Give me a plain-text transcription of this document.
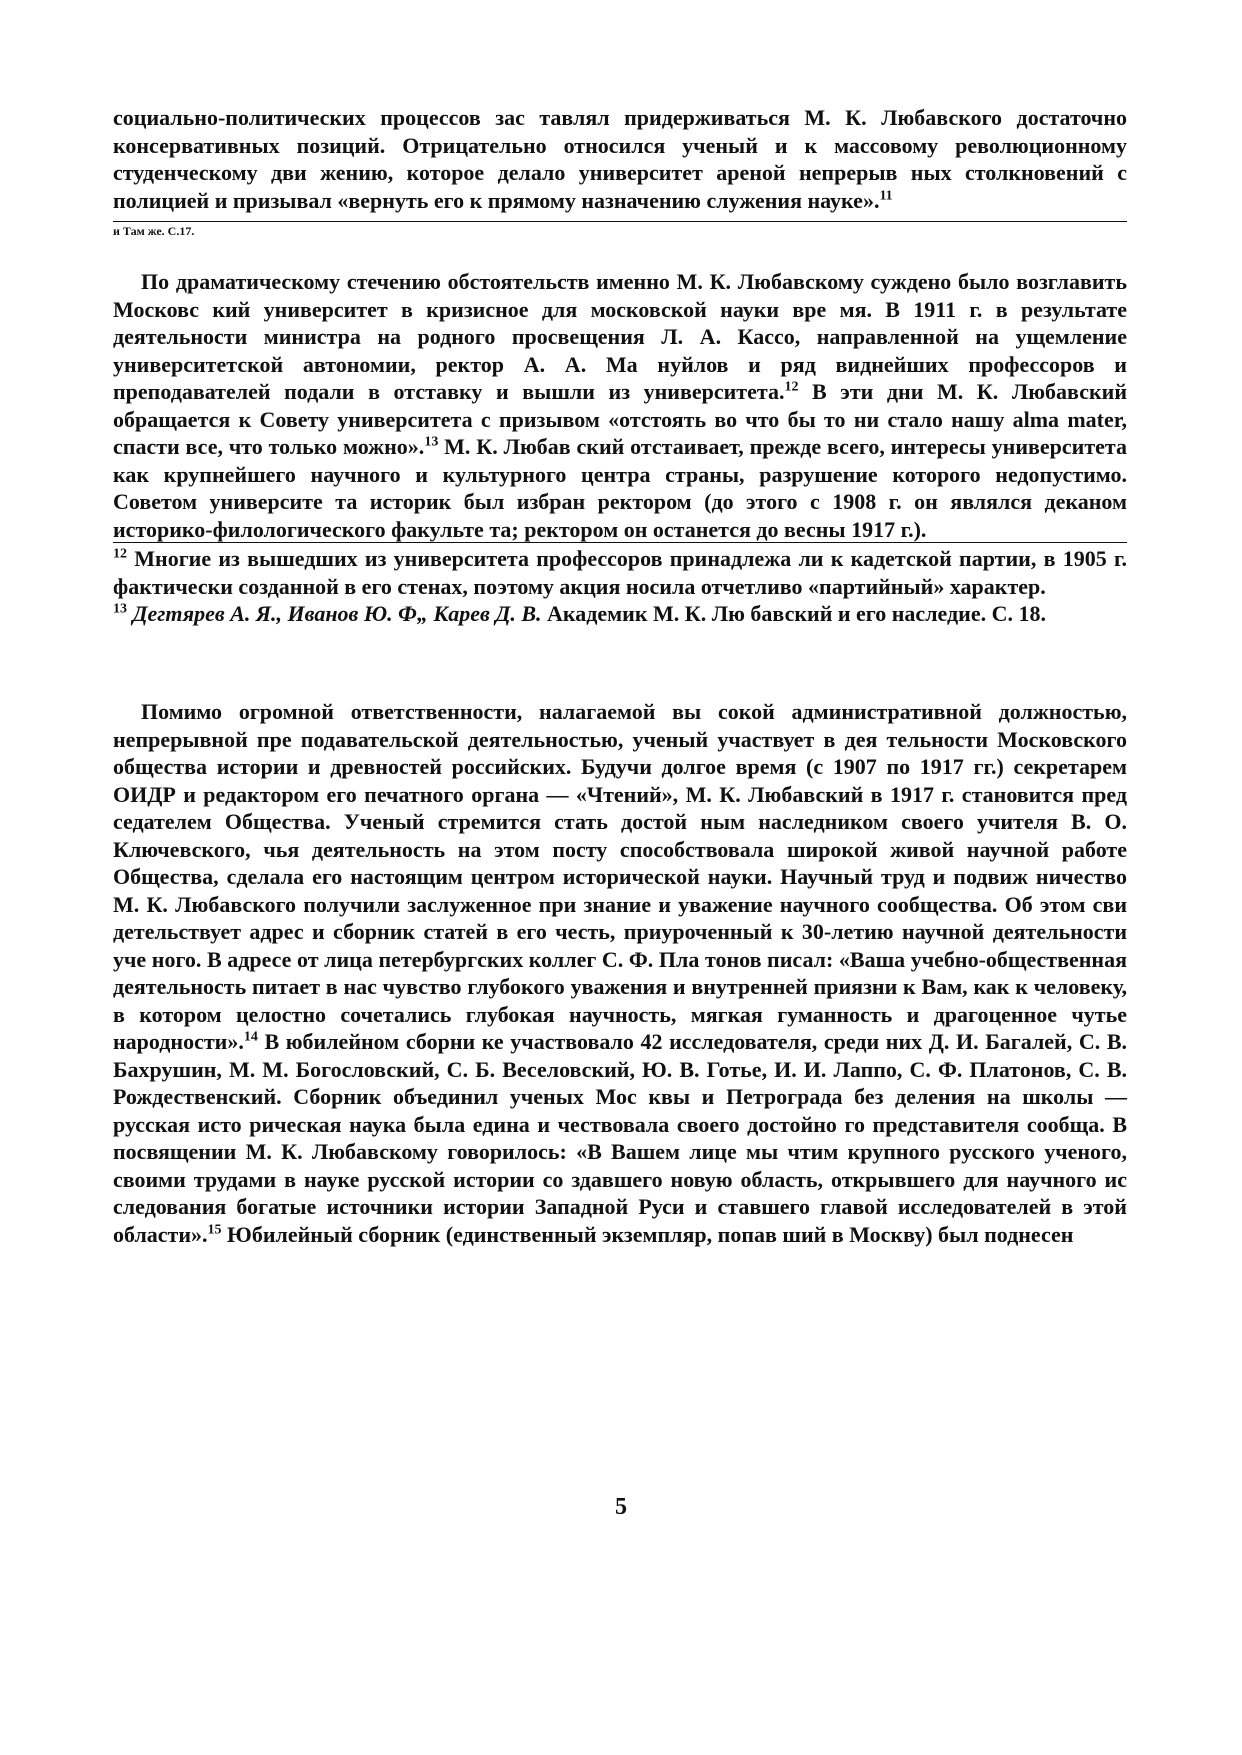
социально-политических процессов зас тавлял придерживаться М. К. Любавского достаточно консервативных позиций. Отрицательно относился ученый и к массовому революционному студенческому дви жению, которое делало университет ареной непрерыв ных столкновений с полицией и призывал «вернуть его к прямому назначению служения науке».$^{11}$

и Там же. С.17.

По драматическому стечению обстоятельств именно М. К. Любавскому суждено было возглавить Московс кий университет в кризисное для московской науки вре мя. В 1911 г. в результате деятельности министра на родного просвещения Л. А. Кассо, направленной на ущемление университетской автономии, ректор А. А. Ма нуйлов и ряд виднейших профессоров и преподавателей подали в отставку и вышли из университета.$^{12}$ В эти дни М. К. Любавский обращается к Совету университета с призывом «отстоять во что бы то ни стало нашу alma mater, спасти все, что только можно».$^{13}$ М. К. Любав ский отстаивает, прежде всего, интересы университета как крупнейшего научного и культурного центра страны, разрушение которого недопустимо. Советом университе та историк был избран ректором (до этого с 1908 г. он являлся деканом историко-филологического факульте та; ректором он останется до весны 1917 г.).

$^{12}$ Многие из вышедших из университета профессоров принадлежа ли к кадетской партии, в 1905 г. фактически созданной в его стенах, поэтому акция носила отчетливо «партийный» характер.

$^{13}$ Дегтярев А. Я., Иванов Ю. Ф„ Карев Д. В. Академик М. К. Лю бавский и его наследие. С. 18.

Помимо огромной ответственности, налагаемой вы сокой административной должностью, непрерывной пре подавательской деятельностью, ученый участвует в дея тельности Московского общества истории и древностей российских. Будучи долгое время (с 1907 по 1917 гг.) секретарем ОИДР и редактором его печатного органа — «Чтений», М. К. Любавский в 1917 г. становится пред седателем Общества. Ученый стремится стать достой ным наследником своего учителя В. О. Ключевского, чья деятельность на этом посту способствовала широкой живой научной работе Общества, сделала его настоящим центром исторической науки. Научный труд и подвиж ничество М. К. Любавского получили заслуженное при знание и уважение научного сообщества. Об этом сви детельствует адрес и сборник статей в его честь, приуроченный к 30-летию научной деятельности уче ного. В адресе от лица петербургских коллег С. Ф. Пла тонов писал: «Ваша учебно-общественная деятельность питает в нас чувство глубокого уважения и внутренней приязни к Вам, как к человеку, в котором целостно сочетались глубокая научность, мягкая гуманность и драгоценное чутье народности».$^{14}$ В юбилейном сборни ке участвовало 42 исследователя, среди них Д. И. Багалей, С. В. Бахрушин, М. М. Богословский, С. Б. Веселовский, Ю. В. Готье, И. И. Лаппо, С. Ф. Платонов, С. В. Рождественский. Сборник объединил ученых Мос квы и Петрограда без деления на школы — русская исто рическая наука была едина и чествовала своего достойно го представителя сообща. В посвящении М. К. Любавскому говорилось: «В Вашем лице мы чтим крупного русского ученого, своими трудами в науке русской истории со здавшего новую область, открывшего для научного ис следования богатые источники истории Западной Руси и ставшего главой исследователей в этой области».$^{15}$ Юбилейный сборник (единственный экземпляр, попав ший в Москву) был поднесен

5
